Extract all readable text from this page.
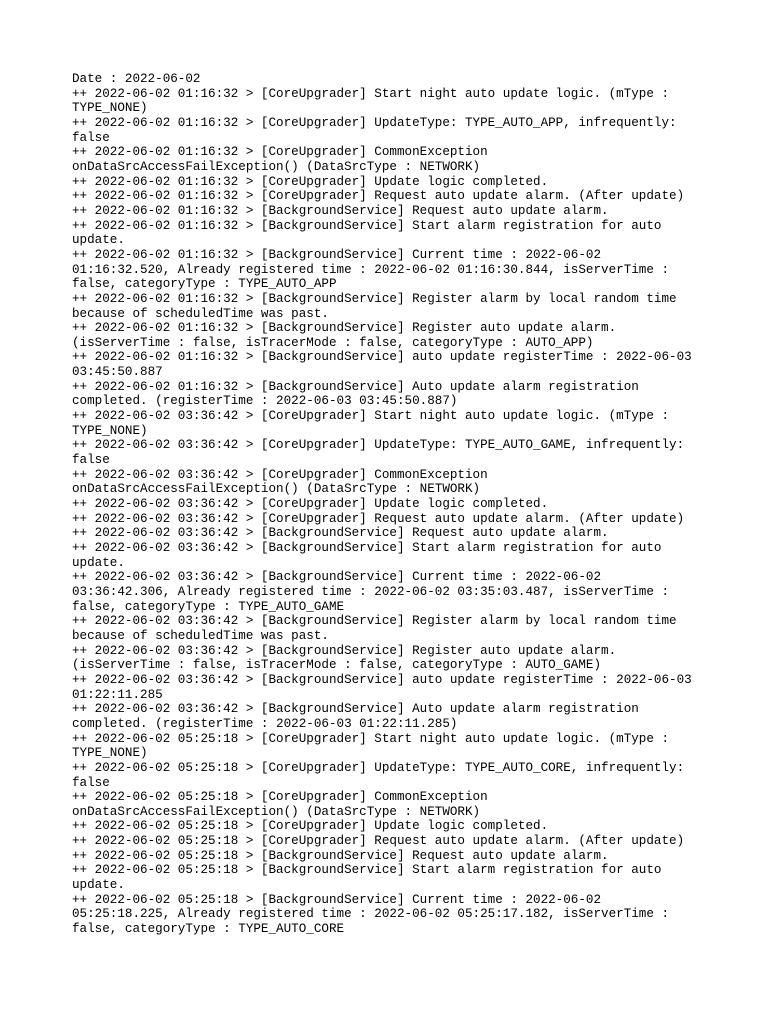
Date : 2022-06-02

++ 2022-06-02 01:16:32 > [CoreUpgrader] Start night auto update logic. (mType :

TYPE_NONE)

++ 2022-06-02 01:16:32 > [CoreUpgrader] UpdateType: TYPE_AUTO_APP, infrequently:

false

++ 2022-06-02 01:16:32 > [CoreUpgrader] CommonException

onDataSrcAccessFailException() (DataSrcType : NETWORK)

++ 2022-06-02 01:16:32 > [CoreUpgrader] Update logic completed.

++ 2022-06-02 01:16:32 > [CoreUpgrader] Request auto update alarm. (After update)

++ 2022-06-02 01:16:32 > [BackgroundService] Request auto update alarm.

++ 2022-06-02 01:16:32 > [BackgroundService] Start alarm registration for auto

update.

++ 2022-06-02 01:16:32 > [BackgroundService] Current time : 2022-06-02

01:16:32.520, Already registered time : 2022-06-02 01:16:30.844, isServerTime :

false, categoryType : TYPE_AUTO_APP

++ 2022-06-02 01:16:32 > [BackgroundService] Register alarm by local random time

because of scheduledTime was past.

++ 2022-06-02 01:16:32 > [BackgroundService] Register auto update alarm.

(isServerTime : false, isTracerMode : false, categoryType : AUTO_APP)

++ 2022-06-02 01:16:32 > [BackgroundService] auto update registerTime : 2022-06-03

03:45:50.887

++ 2022-06-02 01:16:32 > [BackgroundService] Auto update alarm registration

completed. (registerTime : 2022-06-03 03:45:50.887)

++ 2022-06-02 03:36:42 > [CoreUpgrader] Start night auto update logic. (mType :

TYPE_NONE)

++ 2022-06-02 03:36:42 > [CoreUpgrader] UpdateType: TYPE_AUTO_GAME, infrequently:

false

++ 2022-06-02 03:36:42 > [CoreUpgrader] CommonException

onDataSrcAccessFailException() (DataSrcType : NETWORK)

++ 2022-06-02 03:36:42 > [CoreUpgrader] Update logic completed.

++ 2022-06-02 03:36:42 > [CoreUpgrader] Request auto update alarm. (After update)

++ 2022-06-02 03:36:42 > [BackgroundService] Request auto update alarm.

++ 2022-06-02 03:36:42 > [BackgroundService] Start alarm registration for auto

update.

++ 2022-06-02 03:36:42 > [BackgroundService] Current time : 2022-06-02

03:36:42.306, Already registered time : 2022-06-02 03:35:03.487, isServerTime :

false, categoryType : TYPE_AUTO_GAME

++ 2022-06-02 03:36:42 > [BackgroundService] Register alarm by local random time

because of scheduledTime was past.

++ 2022-06-02 03:36:42 > [BackgroundService] Register auto update alarm.

(isServerTime : false, isTracerMode : false, categoryType : AUTO_GAME)

++ 2022-06-02 03:36:42 > [BackgroundService] auto update registerTime : 2022-06-03

01:22:11.285

++ 2022-06-02 03:36:42 > [BackgroundService] Auto update alarm registration

completed. (registerTime : 2022-06-03 01:22:11.285)

++ 2022-06-02 05:25:18 > [CoreUpgrader] Start night auto update logic. (mType :

TYPE_NONE)

++ 2022-06-02 05:25:18 > [CoreUpgrader] UpdateType: TYPE_AUTO_CORE, infrequently:

false

++ 2022-06-02 05:25:18 > [CoreUpgrader] CommonException

onDataSrcAccessFailException() (DataSrcType : NETWORK)

++ 2022-06-02 05:25:18 > [CoreUpgrader] Update logic completed.

++ 2022-06-02 05:25:18 > [CoreUpgrader] Request auto update alarm. (After update)

++ 2022-06-02 05:25:18 > [BackgroundService] Request auto update alarm.

++ 2022-06-02 05:25:18 > [BackgroundService] Start alarm registration for auto

update.

++ 2022-06-02 05:25:18 > [BackgroundService] Current time : 2022-06-02

05:25:18.225, Already registered time : 2022-06-02 05:25:17.182, isServerTime :

false, categoryType : TYPE_AUTO_CORE
